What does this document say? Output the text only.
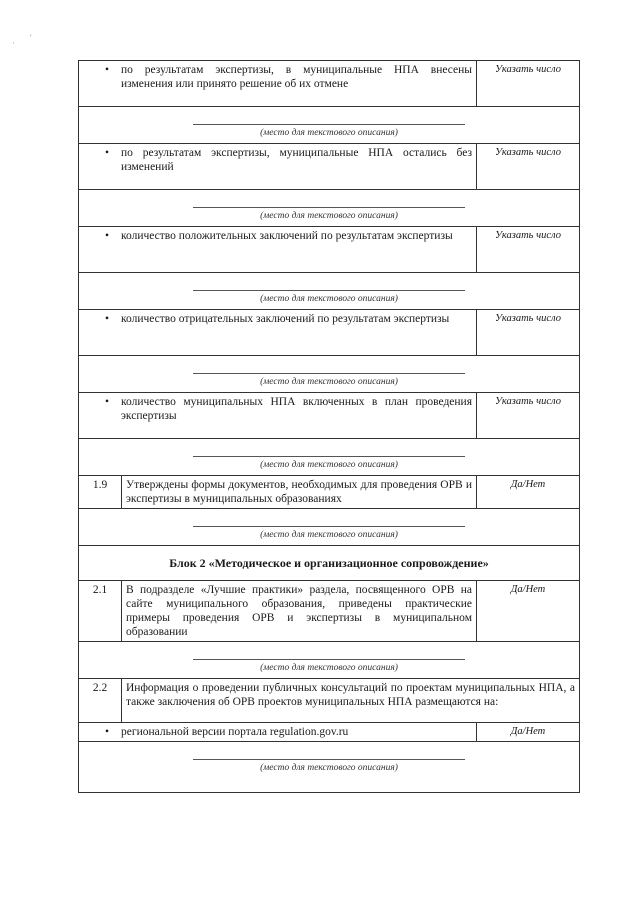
· '
• по результатам экспертизы, в муниципальные НПА внесены изменения или принято решение об их отмене		Указать число

(место для текстового описания)		

• по результатам экспертизы, муниципальные НПА остались без изменений		Указать число

(место для текстового описания)		

• количество положительных заключений по результатам экспертизы		Указать число

(место для текстового описания)		

• количество отрицательных заключений по результатам экспертизы		Указать число

(место для текстового описания)		

• количество муниципальных НПА включенных в план проведения экспертизы		Указать число

(место для текстового описания)		

1.9	Утверждены формы документов, необходимых для проведения ОРВ и экспертизы в муниципальных образованиях	Да/Нет

(место для текстового описания)		

Блок 2 «Методическое и организационное сопровождение»		
2.1	В подразделе «Лучшие практики» раздела, посвященного ОРВ на сайте муниципального образования, приведены практические примеры проведения ОРВ и экспертизы в муниципальном образовании	Да/Нет

(место для текстового описания)		

2.2	Информация о проведении публичных консультаций по проектам муниципальных НПА, а также заключения об ОРВ проектов муниципальных НПА размещаются на:	

• региональной версии портала regulation.gov.ru		Да/Нет

(место для текстового описания)		
